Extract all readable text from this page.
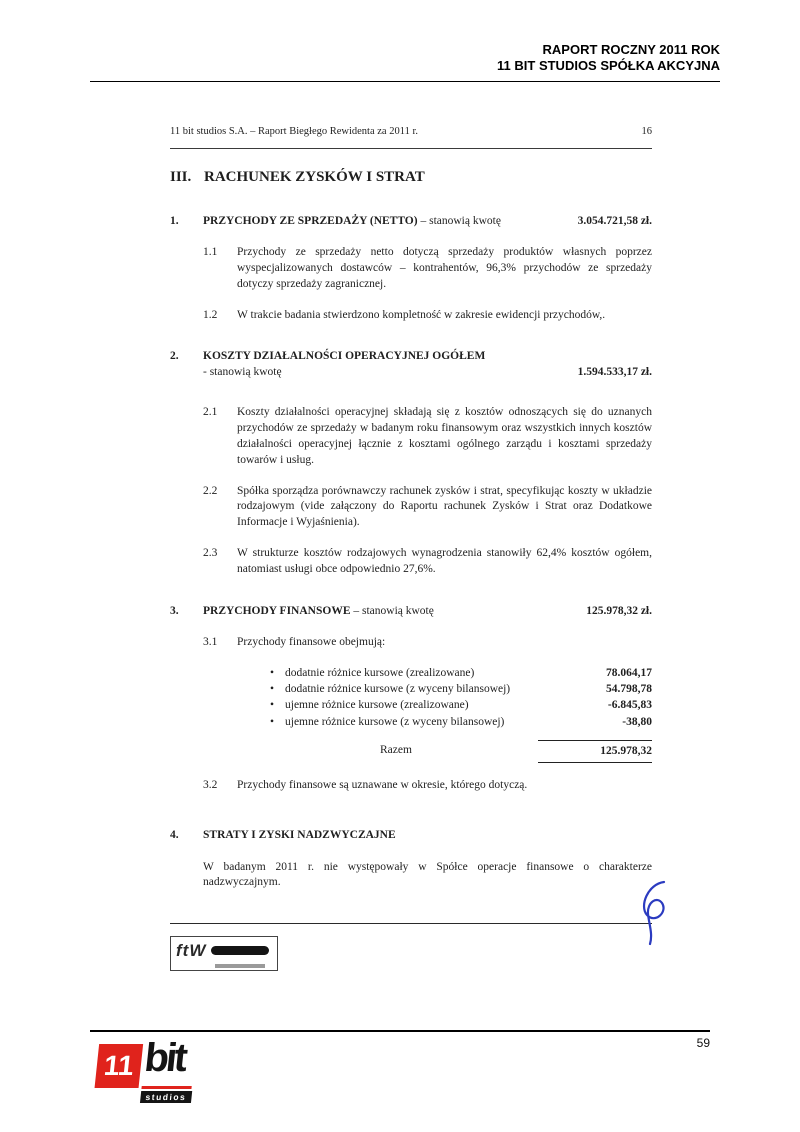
RAPORT ROCZNY 2011 ROK
11 BIT STUDIOS SPÓŁKA AKCYJNA
11 bit studios S.A. – Raport Biegłego Rewidenta za 2011 r.	16
III. RACHUNEK ZYSKÓW I STRAT
1.	PRZYCHODY ZE SPRZEDAŻY (NETTO) – stanowią kwotę	3.054.721,58 zł.
1.1	Przychody ze sprzedaży netto dotyczą sprzedaży produktów własnych poprzez wyspecjalizowanych dostawców – kontrahentów, 96,3% przychodów ze sprzedaży dotyczy sprzedaży zagranicznej.
1.2	W trakcie badania stwierdzono kompletność w zakresie ewidencji przychodów,.
2.	KOSZTY DZIAŁALNOŚCI OPERACYJNEJ OGÓŁEM
- stanowią kwotę	1.594.533,17 zł.
2.1	Koszty działalności operacyjnej składają się z kosztów odnoszących się do uznanych przychodów ze sprzedaży w badanym roku finansowym oraz wszystkich innych kosztów działalności operacyjnej łącznie z kosztami ogólnego zarządu i kosztami sprzedaży towarów i usług.
2.2	Spółka sporządza porównawczy rachunek zysków i strat, specyfikując koszty w układzie rodzajowym (vide załączony do Raportu rachunek Zysków i Strat oraz Dodatkowe Informacje i Wyjaśnienia).
2.3	W strukturze kosztów rodzajowych wynagrodzenia stanowiły 62,4% kosztów ogółem, natomiast usługi obce odpowiednio 27,6%.
3.	PRZYCHODY FINANSOWE – stanowią kwotę	125.978,32 zł.
3.1	Przychody finansowe obejmują:
•
dodatnie różnice kursowe (zrealizowane)	78.064,17
•
dodatnie różnice kursowe (z wyceny bilansowej)	54.798,78
•
ujemne różnice kursowe (zrealizowane)	-6.845,83
•
ujemne różnice kursowe (z wyceny bilansowej)	-38,80
Razem	125.978,32
3.2	Przychody finansowe są uznawane w okresie, którego dotyczą.
4.	STRATY I ZYSKI NADZWYCZAJNE
W badanym 2011 r. nie występowały w Spółce operacje finansowe o charakterze nadzwyczajnym.
ftW
59
11 bit
studios
